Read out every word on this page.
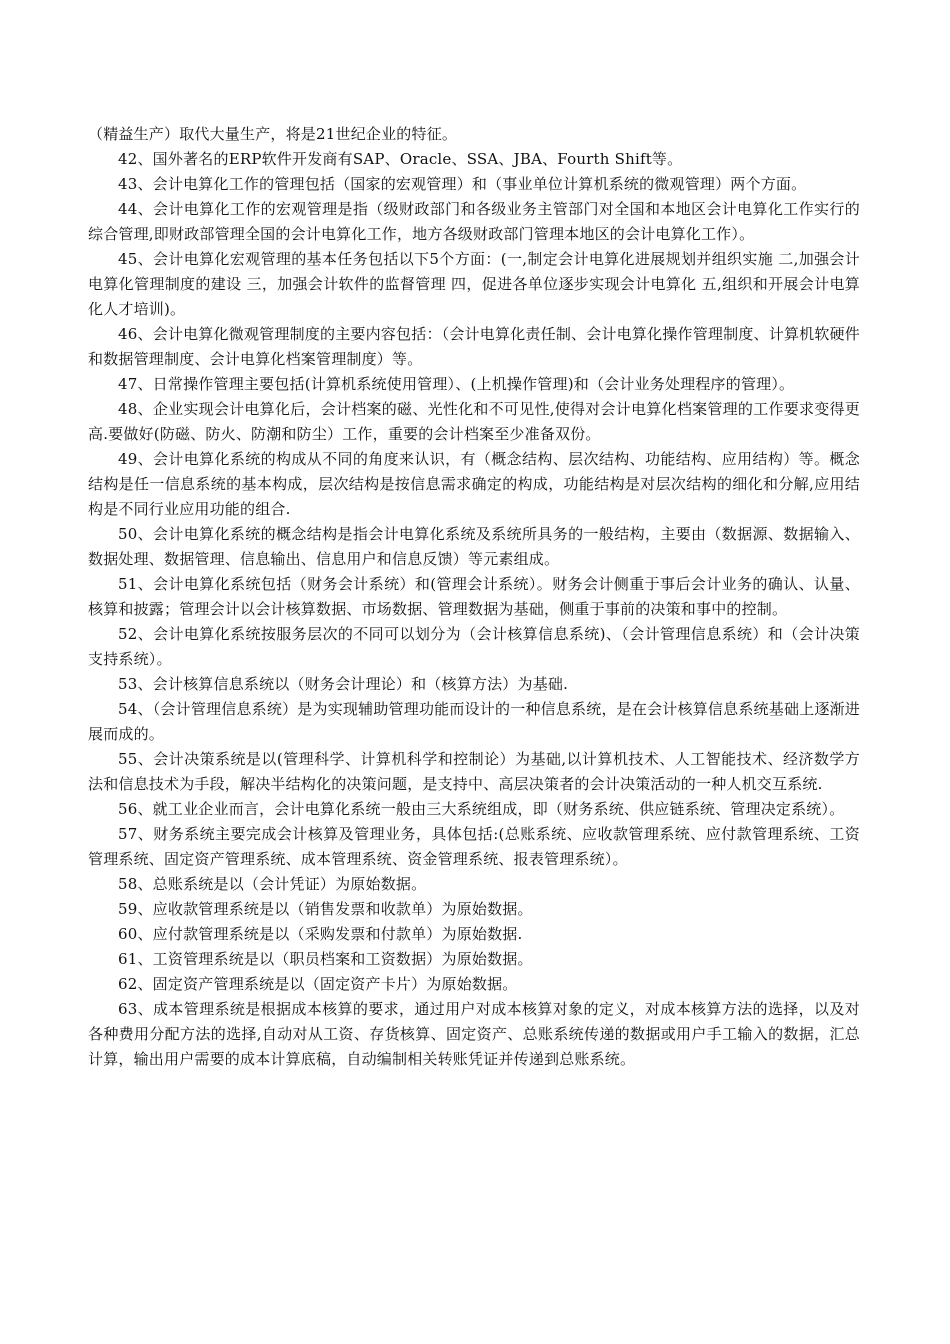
（精益生产）取代大量生产，将是21世纪企业的特征。

42、国外著名的ERP软件开发商有SAP、Oracle、SSA、JBA、Fourth Shift等。

43、会计电算化工作的管理包括（国家的宏观管理）和（事业单位计算机系统的微观管理）两个方面。

44、会计电算化工作的宏观管理是指（级财政部门和各级业务主管部门对全国和本地区会计电算化工作实行的综合管理,即财政部管理全国的会计电算化工作，地方各级财政部门管理本地区的会计电算化工作）。

45、会计电算化宏观管理的基本任务包括以下5个方面：(一,制定会计电算化进展规划并组织实施 二,加强会计电算化管理制度的建设 三，加强会计软件的监督管理 四，促进各单位逐步实现会计电算化 五,组织和开展会计电算化人才培训)。

46、会计电算化微观管理制度的主要内容包括：（会计电算化责任制、会计电算化操作管理制度、计算机软硬件和数据管理制度、会计电算化档案管理制度）等。

47、日常操作管理主要包括(计算机系统使用管理）、(上机操作管理)和（会计业务处理程序的管理）。

48、企业实现会计电算化后，会计档案的磁、光性化和不可见性,使得对会计电算化档案管理的工作要求变得更高.要做好(防磁、防火、防潮和防尘）工作，重要的会计档案至少准备双份。

49、会计电算化系统的构成从不同的角度来认识，有（概念结构、层次结构、功能结构、应用结构）等。概念结构是任一信息系统的基本构成，层次结构是按信息需求确定的构成，功能结构是对层次结构的细化和分解,应用结构是不同行业应用功能的组合.

50、会计电算化系统的概念结构是指会计电算化系统及系统所具务的一般结构，主要由（数据源、数据输入、数据处理、数据管理、信息输出、信息用户和信息反馈）等元素组成。

51、会计电算化系统包括（财务会计系统）和(管理会计系统）。财务会计侧重于事后会计业务的确认、认量、核算和披露；管理会计以会计核算数据、市场数据、管理数据为基础，侧重于事前的决策和事中的控制。

52、会计电算化系统按服务层次的不同可以划分为（会计核算信息系统)、（会计管理信息系统）和（会计决策支持系统）。

53、会计核算信息系统以（财务会计理论）和（核算方法）为基础.

54、（会计管理信息系统）是为实现辅助管理功能而设计的一种信息系统，是在会计核算信息系统基础上逐渐进展而成的。

55、会计决策系统是以(管理科学、计算机科学和控制论）为基础,以计算机技术、人工智能技术、经济数学方法和信息技术为手段，解决半结构化的决策问题，是支持中、高层决策者的会计决策活动的一种人机交互系统.

56、就工业企业而言，会计电算化系统一般由三大系统组成，即（财务系统、供应链系统、管理决定系统）。

57、财务系统主要完成会计核算及管理业务，具体包括:(总账系统、应收款管理系统、应付款管理系统、工资管理系统、固定资产管理系统、成本管理系统、资金管理系统、报表管理系统）。

58、总账系统是以（会计凭证）为原始数据。

59、应收款管理系统是以（销售发票和收款单）为原始数据。

60、应付款管理系统是以（采购发票和付款单）为原始数据.

61、工资管理系统是以（职员档案和工资数据）为原始数据。

62、固定资产管理系统是以（固定资产卡片）为原始数据。

63、成本管理系统是根据成本核算的要求，通过用户对成本核算对象的定义，对成本核算方法的选择，以及对各种费用分配方法的选择,自动对从工资、存货核算、固定资产、总账系统传递的数据或用户手工输入的数据，汇总计算，输出用户需要的成本计算底稿，自动编制相关转账凭证并传递到总账系统。
